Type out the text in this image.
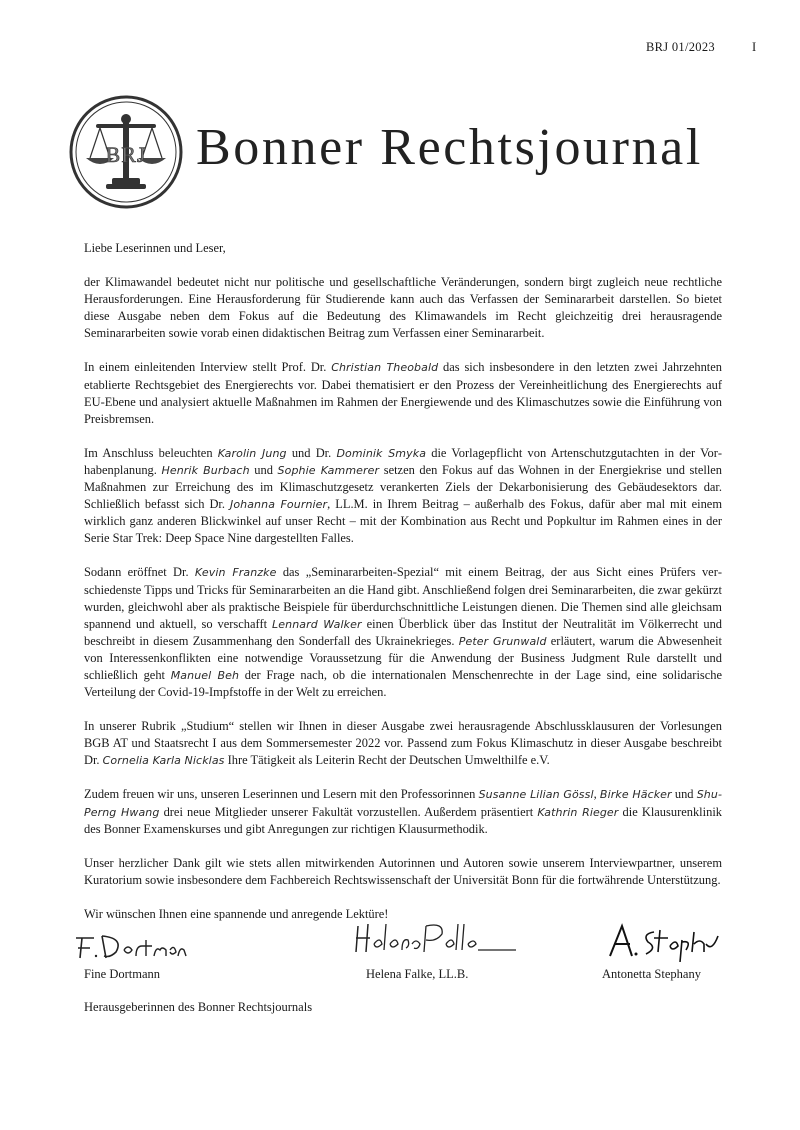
BRJ 01/2023	I
BRJ Bonner Rechtsjournal

Liebe Leserinnen und Leser,

der Klimawandel bedeutet nicht nur politische und gesellschaftliche Veränderungen, sondern birgt zugleich neue rechtliche Herausforderungen. Eine Herausforderung für Studierende kann auch das Verfassen der Seminararbeit darstellen. So bietet diese Ausgabe neben dem Fokus auf die Bedeutung des Klimawandels im Recht gleichzeitig drei herausragende Seminararbeiten sowie vorab einen didaktischen Beitrag zum Verfassen einer Seminararbeit.

In einem einleitenden Interview stellt Prof. Dr. Christian Theobald das sich insbesondere in den letzten zwei Jahrzehnten etablierte Rechtsgebiet des Energierechts vor. Dabei thematisiert er den Prozess der Vereinheitlichung des Energierechts auf EU-Ebene und analysiert aktuelle Maßnahmen im Rahmen der Energiewende und des Klimaschutzes sowie die Einführung von Preisbremsen.

Im Anschluss beleuchten Karolin Jung und Dr. Dominik Smyka die Vorlagepflicht von Artenschutzgutachten in der Vorhabenplanung. Henrik Burbach und Sophie Kammerer setzen den Fokus auf das Wohnen in der Energiekrise und stellen Maßnahmen zur Erreichung des im Klimaschutzgesetz verankerten Ziels der Dekarbonisierung des Gebäudesektors dar. Schließlich befasst sich Dr. Johanna Fournier, LL.M. in Ihrem Beitrag – außerhalb des Fokus, dafür aber mal mit einem wirklich ganz anderen Blickwinkel auf unser Recht – mit der Kombination aus Recht und Popkultur im Rahmen eines in der Serie Star Trek: Deep Space Nine dargestellten Falles.

Sodann eröffnet Dr. Kevin Franzke das „Seminararbeiten-Spezial“ mit einem Beitrag, der aus Sicht eines Prüfers verschiedenste Tipps und Tricks für Seminararbeiten an die Hand gibt. Anschließend folgen drei Seminararbeiten, die zwar gekürzt wurden, gleichwohl aber als praktische Beispiele für überdurchschnittliche Leistungen dienen. Die Themen sind alle gleichsam spannend und aktuell, so verschafft Lennard Walker einen Überblick über das Institut der Neutralität im Völkerrecht und beschreibt in diesem Zusammenhang den Sonderfall des Ukrainekrieges. Peter Grunwald erläutert, warum die Abwesenheit von Interessenkonflikten eine notwendige Voraussetzung für die Anwendung der Business Judgment Rule darstellt und schließlich geht Manuel Beh der Frage nach, ob die internationalen Menschenrechte in der Lage sind, eine solidarische Verteilung der Covid-19-Impfstoffe in der Welt zu erreichen.

In unserer Rubrik „Studium“ stellen wir Ihnen in dieser Ausgabe zwei herausragende Abschlussklausuren der Vorlesungen BGB AT und Staatsrecht I aus dem Sommersemester 2022 vor. Passend zum Fokus Klimaschutz in dieser Ausgabe beschreibt Dr. Cornelia Karla Nicklas Ihre Tätigkeit als Leiterin Recht der Deutschen Umwelthilfe e.V.

Zudem freuen wir uns, unseren Leserinnen und Lesern mit den Professorinnen Susanne Lilian Gössl, Birke Häcker und Shu-Perng Hwang drei neue Mitglieder unserer Fakultät vorzustellen. Außerdem präsentiert Kathrin Rieger die Klausurenklinik des Bonner Examenskurses und gibt Anregungen zur richtigen Klausurmethodik.

Unser herzlicher Dank gilt wie stets allen mitwirkenden Autorinnen und Autoren sowie unserem Interviewpartner, unserem Kuratorium sowie insbesondere dem Fachbereich Rechtswissenschaft der Universität Bonn für die fortwährende Unterstützung.

Wir wünschen Ihnen eine spannende und anregende Lektüre!

Fine Dortmann	Helena Falke, LL.B.	Antonetta Stephany
Herausgeberinnen des Bonner Rechtsjournals
